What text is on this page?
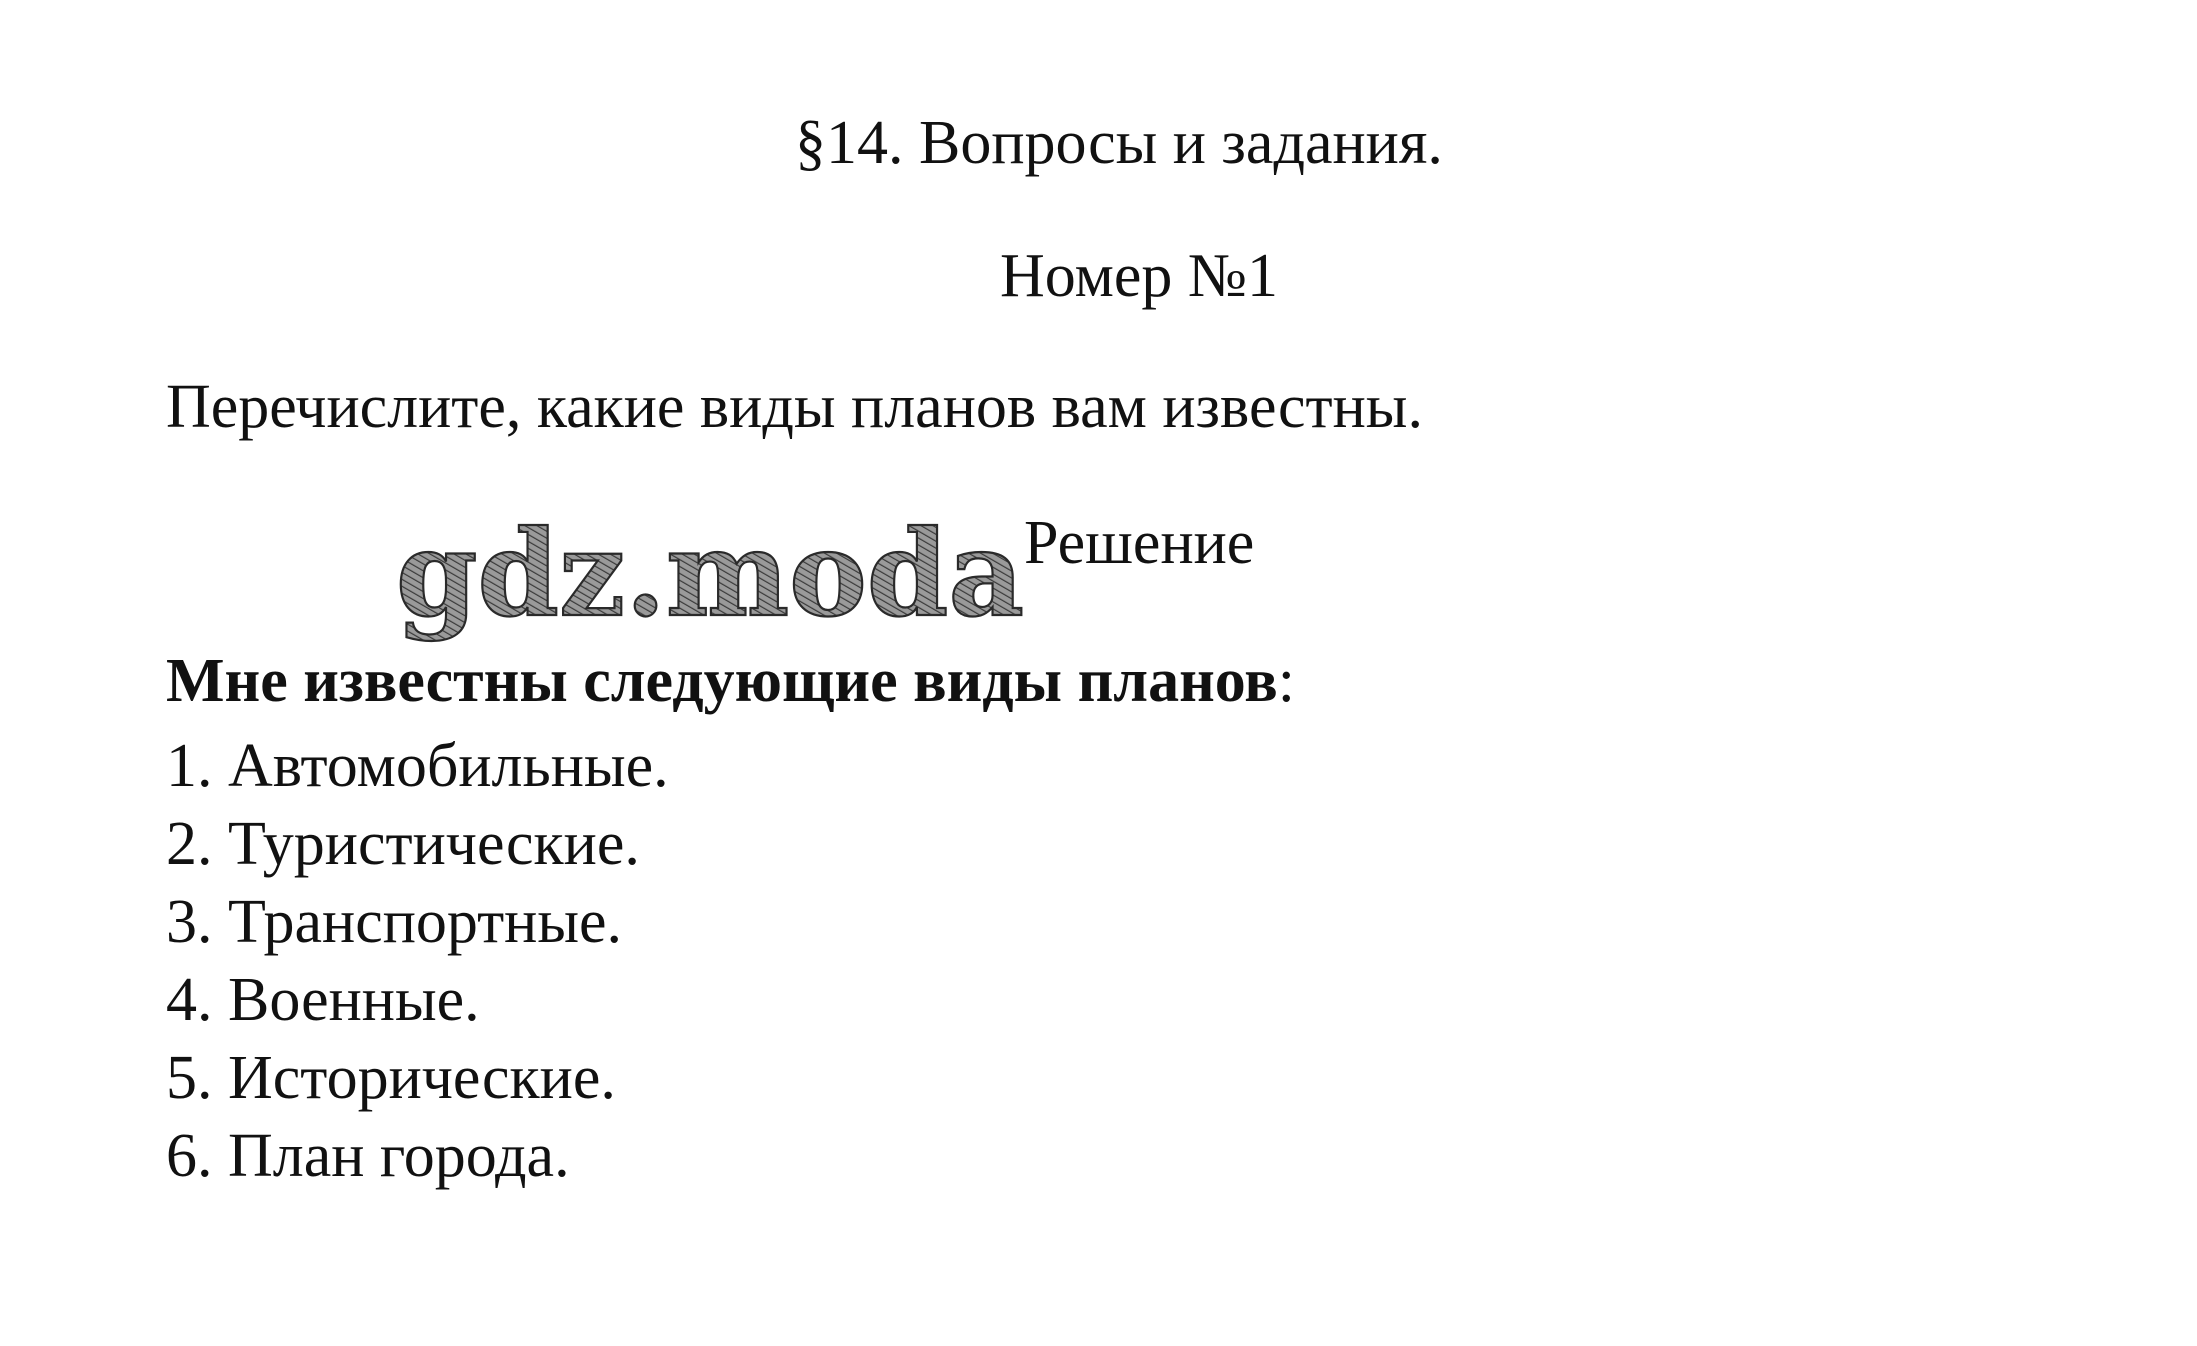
§14. Вопросы и задания.
Номер №1
Перечислите, какие виды планов вам известны.
Решение
gdz.moda
Мне известны следующие виды планов:
1. Автомобильные.
2. Туристические.
3. Транспортные.
4. Военные.
5. Исторические.
6. План города.
